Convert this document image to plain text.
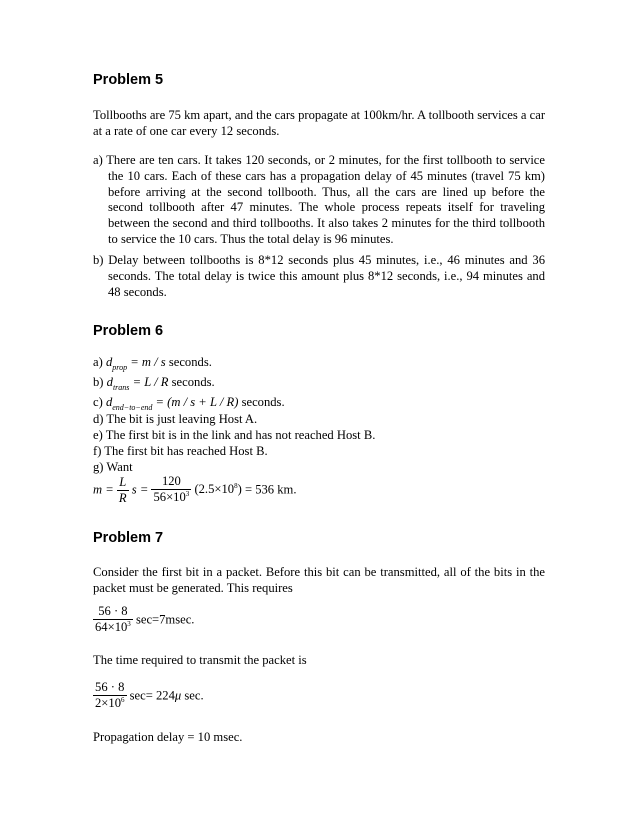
Problem 5
Tollbooths are 75 km apart, and the cars propagate at 100km/hr. A tollbooth services a car at a rate of one car every 12 seconds.
a) There are ten cars. It takes 120 seconds, or 2 minutes, for the first tollbooth to service the 10 cars. Each of these cars has a propagation delay of 45 minutes (travel 75 km) before arriving at the second tollbooth. Thus, all the cars are lined up before the second tollbooth after 47 minutes. The whole process repeats itself for traveling between the second and third tollbooths. It also takes 2 minutes for the third tollbooth to service the 10 cars. Thus the total delay is 96 minutes.
b) Delay between tollbooths is 8*12 seconds plus 45 minutes, i.e., 46 minutes and 36 seconds. The total delay is twice this amount plus 8*12 seconds, i.e., 94 minutes and 48 seconds.
Problem 6
a) $d_{prop} = m / s$ seconds.
b) $d_{trans} = L / R$ seconds.
c) $d_{end-to-end} = (m / s + L / R)$ seconds.
d) The bit is just leaving Host A.
e) The first bit is in the link and has not reached Host B.
f) The first bit has reached Host B.
g) Want
$m = \frac{L}{R}$ $s = \frac{120}{56\times 10^3} (2.5\times 10^8) = 536$ km.
Problem 7
Consider the first bit in a packet. Before this bit can be transmitted, all of the bits in the packet must be generated. This requires
$\frac{56 \cdot 8}{64\times 10^3} \sec=7msec$.
The time required to transmit the packet is
$\frac{56 \cdot 8}{2\times 10^6} \sec= 224\mu$ sec.
Propagation delay = 10 msec.
